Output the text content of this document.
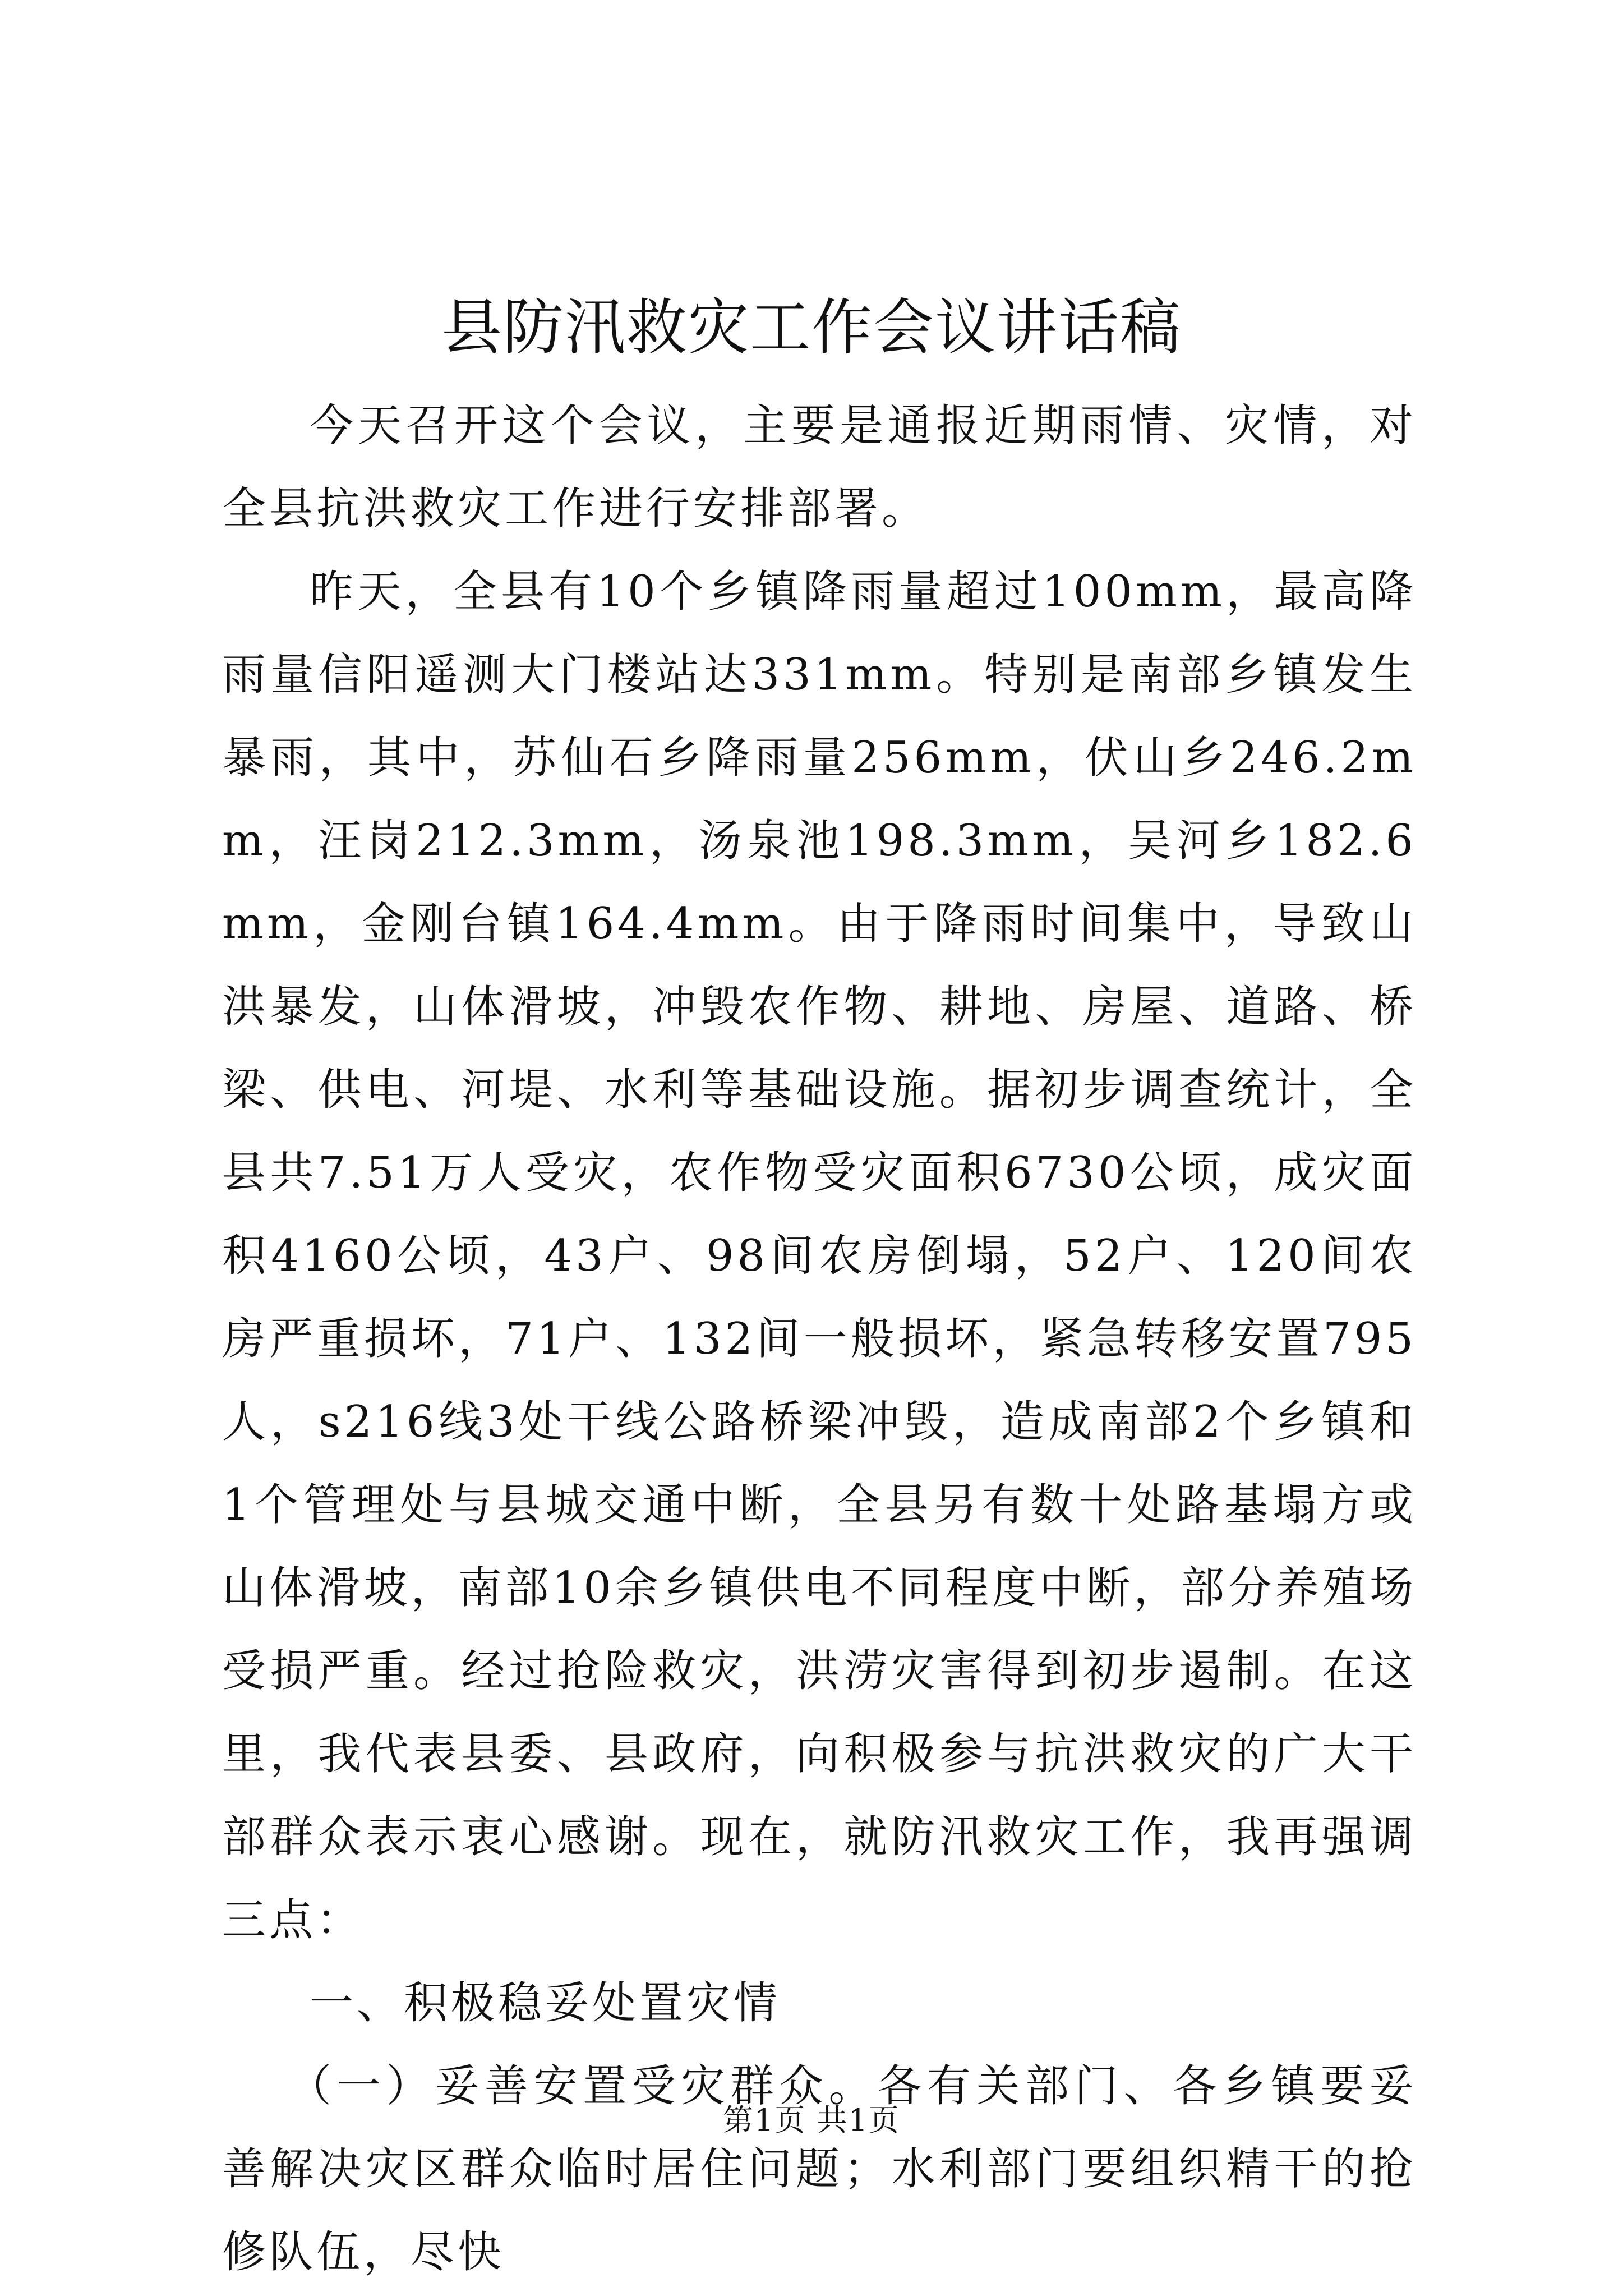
县防汛救灾工作会议讲话稿

今天召开这个会议，主要是通报近期雨情、灾情，对全县抗洪救灾工作进行安排部署。

昨天，全县有10个乡镇降雨量超过100mm，最高降雨量信阳遥测大门楼站达331mm。特别是南部乡镇发生暴雨，其中，苏仙石乡降雨量256mm，伏山乡246.2mm，汪岗212.3mm，汤泉池198.3mm，吴河乡182.6mm，金刚台镇164.4mm。由于降雨时间集中，导致山洪暴发，山体滑坡，冲毁农作物、耕地、房屋、道路、桥梁、供电、河堤、水利等基础设施。据初步调查统计，全县共7.51万人受灾，农作物受灾面积6730公顷，成灾面积4160公顷，43户、98间农房倒塌，52户、120间农房严重损坏，71户、132间一般损坏，紧急转移安置795人，s216线3处干线公路桥梁冲毁，造成南部2个乡镇和1个管理处与县城交通中断，全县另有数十处路基塌方或山体滑坡，南部10余乡镇供电不同程度中断，部分养殖场受损严重。经过抢险救灾，洪涝灾害得到初步遏制。在这里，我代表县委、县政府，向积极参与抗洪救灾的广大干部群众表示衷心感谢。现在，就防汛救灾工作，我再强调三点：

一、积极稳妥处置灾情

（一）妥善安置受灾群众。各有关部门、各乡镇要妥善解决灾区群众临时居住问题；水利部门要组织精干的抢修队伍，尽快

第1页 共1页
